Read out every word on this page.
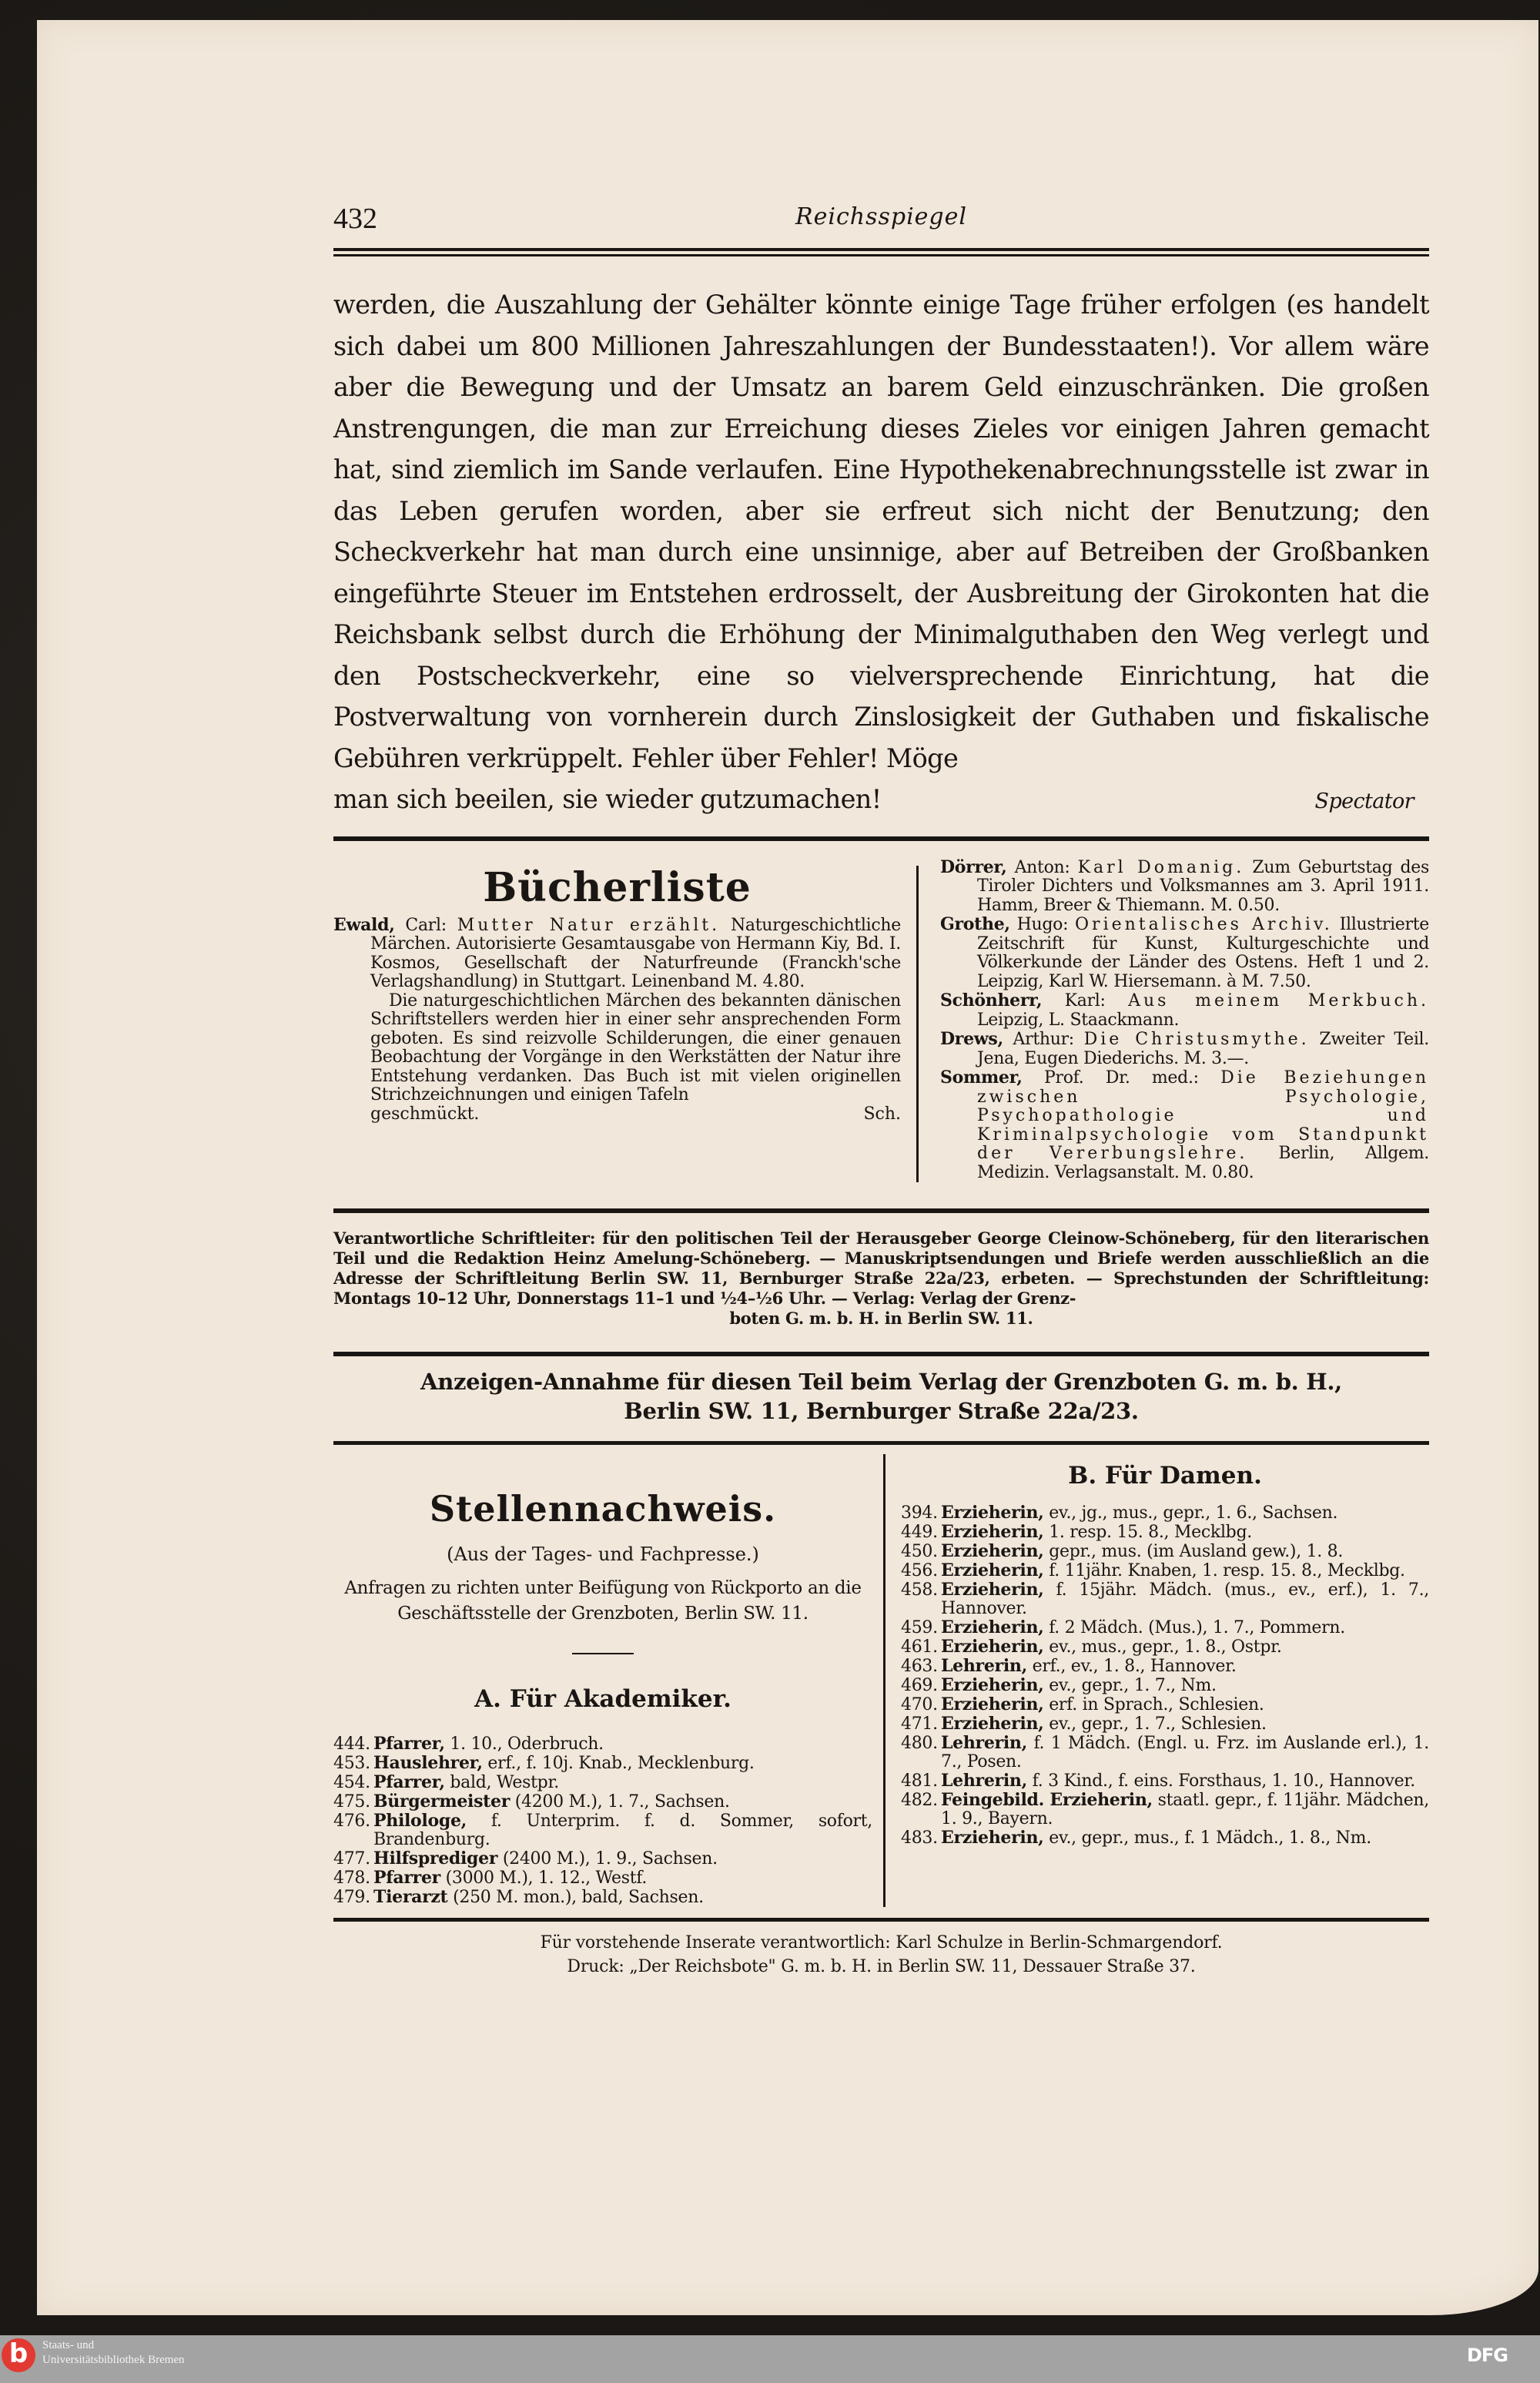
432	Reichsspiegel

werden, die Auszahlung der Gehälter könnte einige Tage früher erfolgen (es handelt sich dabei um 800 Millionen Jahreszahlungen der Bundesstaaten!). Vor allem wäre aber die Bewegung und der Umsatz an barem Geld einzuschränken. Die großen Anstrengungen, die man zur Erreichung dieses Zieles vor einigen Jahren gemacht hat, sind ziemlich im Sande verlaufen. Eine Hypothekenabrechnungsstelle ist zwar in das Leben gerufen worden, aber sie erfreut sich nicht der Benutzung; den Scheckverkehr hat man durch eine unsinnige, aber auf Betreiben der Großbanken eingeführte Steuer im Entstehen erdrosselt, der Ausbreitung der Girokonten hat die Reichsbank selbst durch die Erhöhung der Minimalguthaben den Weg verlegt und den Postscheckverkehr, eine so vielversprechende Einrichtung, hat die Postverwaltung von vornherein durch Zinslosigkeit der Guthaben und fiskalische Gebühren verkrüppelt. Fehler über Fehler! Möge

man sich beeilen, sie wieder gutzumachen!	Spectator
Bücherliste
Ewald, Carl: Mutter Natur erzählt. Naturgeschichtliche Märchen. Autorisierte Gesamtausgabe von Hermann Kiy, Bd. I. Kosmos, Gesellschaft der Naturfreunde (Franckh'sche Verlagshandlung) in Stuttgart. Leinenband M. 4.80.
Die naturgeschichtlichen Märchen des bekannten dänischen Schriftstellers werden hier in einer sehr ansprechenden Form geboten. Es sind reizvolle Schilderungen, die einer genauen Beobachtung der Vorgänge in den Werkstätten der Natur ihre Entstehung verdanken. Das Buch ist mit vielen originellen Strichzeichnungen und einigen Tafeln
geschmückt.	Sch.
Dörrer, Anton: Karl Domanig. Zum Geburtstag des Tiroler Dichters und Volksmannes am 3. April 1911. Hamm, Breer & Thiemann. M. 0.50.
Grothe, Hugo: Orientalisches Archiv. Illustrierte Zeitschrift für Kunst, Kulturgeschichte und Völkerkunde der Länder des Ostens. Heft 1 und 2. Leipzig, Karl W. Hiersemann. à M. 7.50.
Schönherr, Karl: Aus meinem Merkbuch. Leipzig, L. Staackmann.
Drews, Arthur: Die Christusmythe. Zweiter Teil. Jena, Eugen Diederichs. M. 3.—.
Sommer, Prof. Dr. med.: Die Beziehungen zwischen Psychologie, Psychopathologie und Kriminalpsychologie vom Standpunkt der Vererbungslehre. Berlin, Allgem. Medizin. Verlagsanstalt. M. 0.80.
Verantwortliche Schriftleiter: für den politischen Teil der Herausgeber George Cleinow-Schöneberg, für den literarischen Teil und die Redaktion Heinz Amelung-Schöneberg. — Manuskriptsendungen und Briefe werden ausschließlich an die Adresse der Schriftleitung Berlin SW. 11, Bernburger Straße 22a/23, erbeten. — Sprechstunden der Schriftleitung: Montags 10–12 Uhr, Donnerstags 11–1 und ½4–½6 Uhr. — Verlag: Verlag der Grenz-
boten G. m. b. H. in Berlin SW. 11.
Anzeigen-Annahme für diesen Teil beim Verlag der Grenzboten G. m. b. H.,
Berlin SW. 11, Bernburger Straße 22a/23.
Stellennachweis.
(Aus der Tages- und Fachpresse.)
Anfragen zu richten unter Beifügung von Rückporto an die Geschäftsstelle der Grenzboten, Berlin SW. 11.
A. Für Akademiker.
444. Pfarrer, 1. 10., Oderbruch.
453. Hauslehrer, erf., f. 10j. Knab., Mecklenburg.
454. Pfarrer, bald, Westpr.
475. Bürgermeister (4200 M.), 1. 7., Sachsen.
476. Philologe, f. Unterprim. f. d. Sommer, sofort, Brandenburg.
477. Hilfsprediger (2400 M.), 1. 9., Sachsen.
478. Pfarrer (3000 M.), 1. 12., Westf.
479. Tierarzt (250 M. mon.), bald, Sachsen.
B. Für Damen.
394. Erzieherin, ev., jg., mus., gepr., 1. 6., Sachsen.
449. Erzieherin, 1. resp. 15. 8., Mecklbg.
450. Erzieherin, gepr., mus. (im Ausland gew.), 1. 8.
456. Erzieherin, f. 11jähr. Knaben, 1. resp. 15. 8., Mecklbg.
458. Erzieherin, f. 15jähr. Mädch. (mus., ev., erf.), 1. 7., Hannover.
459. Erzieherin, f. 2 Mädch. (Mus.), 1. 7., Pommern.
461. Erzieherin, ev., mus., gepr., 1. 8., Ostpr.
463. Lehrerin, erf., ev., 1. 8., Hannover.
469. Erzieherin, ev., gepr., 1. 7., Nm.
470. Erzieherin, erf. in Sprach., Schlesien.
471. Erzieherin, ev., gepr., 1. 7., Schlesien.
480. Lehrerin, f. 1 Mädch. (Engl. u. Frz. im Auslande erl.), 1. 7., Posen.
481. Lehrerin, f. 3 Kind., f. eins. Forsthaus, 1. 10., Hannover.
482. Feingebild. Erzieherin, staatl. gepr., f. 11jähr. Mädchen, 1. 9., Bayern.
483. Erzieherin, ev., gepr., mus., f. 1 Mädch., 1. 8., Nm.
Für vorstehende Inserate verantwortlich: Karl Schulze in Berlin-Schmargendorf.
Druck: „Der Reichsbote" G. m. b. H. in Berlin SW. 11, Dessauer Straße 37.
b	Staats- und
Universitätsbibliothek Bremen	DFG
